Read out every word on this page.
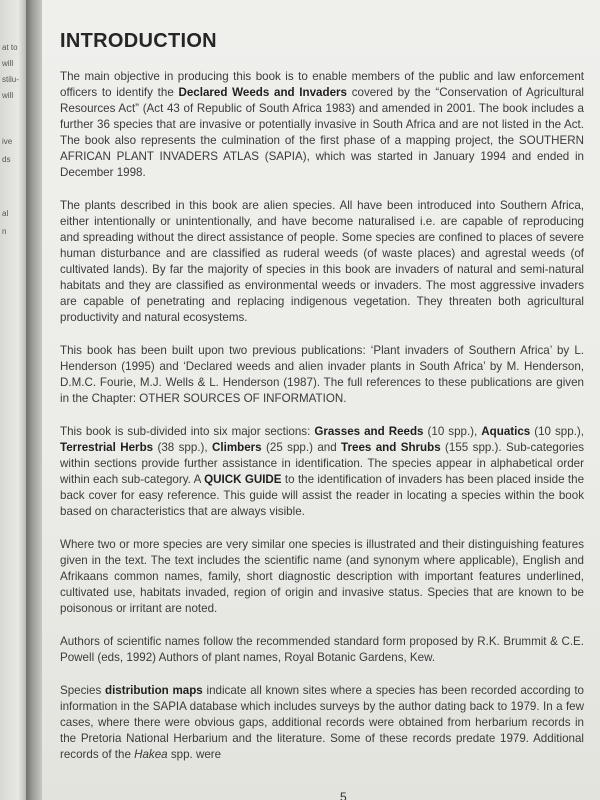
at to
will
stilu-
will
ive
ds
al
n
INTRODUCTION

The main objective in producing this book is to enable members of the public and law enforcement officers to identify the Declared Weeds and Invaders covered by the “Conservation of Agricultural Resources Act” (Act 43 of Republic of South Africa 1983) and amended in 2001. The book includes a further 36 species that are invasive or potentially invasive in South Africa and are not listed in the Act. The book also represents the culmination of the first phase of a mapping project, the SOUTHERN AFRICAN PLANT INVADERS ATLAS (SAPIA), which was started in January 1994 and ended in December 1998.

The plants described in this book are alien species. All have been introduced into Southern Africa, either intentionally or unintentionally, and have become naturalised i.e. are capable of reproducing and spreading without the direct assistance of people. Some species are confined to places of severe human disturbance and are classified as ruderal weeds (of waste places) and agrestal weeds (of cultivated lands). By far the majority of species in this book are invaders of natural and semi-natural habitats and they are classified as environmental weeds or invaders. The most aggressive invaders are capable of penetrating and replacing indigenous vegetation. They threaten both agricultural productivity and natural ecosystems.

This book has been built upon two previous publications: ‘Plant invaders of Southern Africa’ by L. Henderson (1995) and ‘Declared weeds and alien invader plants in South Africa’ by M. Henderson, D.M.C. Fourie, M.J. Wells & L. Henderson (1987). The full references to these publications are given in the Chapter: OTHER SOURCES OF INFORMATION.

This book is sub-divided into six major sections: Grasses and Reeds (10 spp.), Aquatics (10 spp.), Terrestrial Herbs (38 spp.), Climbers (25 spp.) and Trees and Shrubs (155 spp.). Sub-categories within sections provide further assistance in identification. The species appear in alphabetical order within each sub-category. A QUICK GUIDE to the identification of invaders has been placed inside the back cover for easy reference. This guide will assist the reader in locating a species within the book based on characteristics that are always visible.

Where two or more species are very similar one species is illustrated and their distinguishing features given in the text. The text includes the scientific name (and synonym where applicable), English and Afrikaans common names, family, short diagnostic description with important features underlined, cultivated use, habitats invaded, region of origin and invasive status. Species that are known to be poisonous or irritant are noted.

Authors of scientific names follow the recommended standard form proposed by R.K. Brummit & C.E. Powell (eds, 1992) Authors of plant names, Royal Botanic Gardens, Kew.

Species distribution maps indicate all known sites where a species has been recorded according to information in the SAPIA database which includes surveys by the author dating back to 1979. In a few cases, where there were obvious gaps, additional records were obtained from herbarium records in the Pretoria National Herbarium and the literature. Some of these records predate 1979. Additional records of the Hakea spp. were

5
